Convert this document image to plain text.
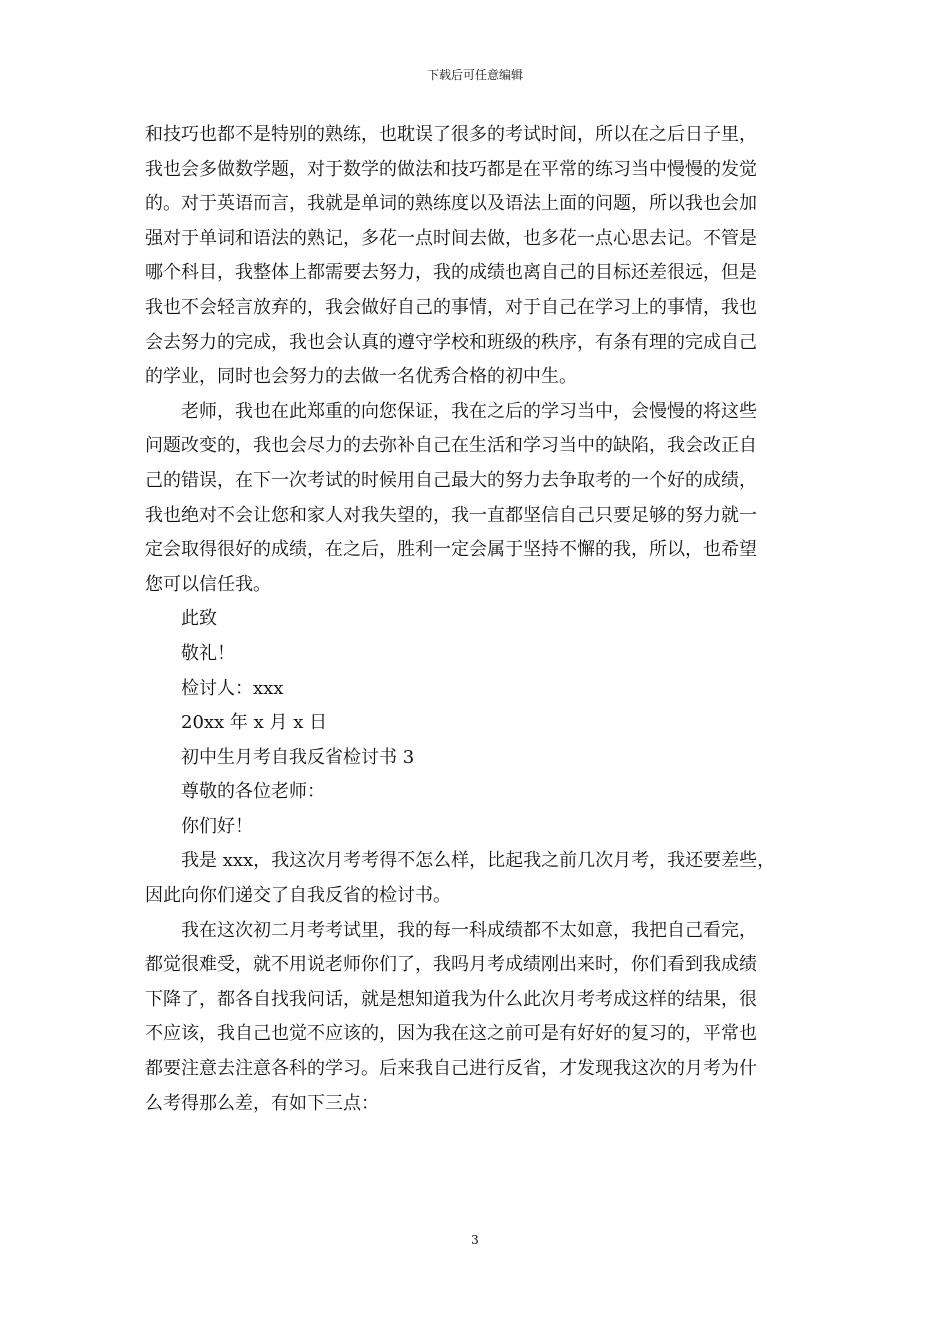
下载后可任意编辑

和技巧也都不是特别的熟练，也耽误了很多的考试时间，所以在之后日子里，

我也会多做数学题，对于数学的做法和技巧都是在平常的练习当中慢慢的发觉

的。对于英语而言，我就是单词的熟练度以及语法上面的问题，所以我也会加

强对于单词和语法的熟记，多花一点时间去做，也多花一点心思去记。不管是

哪个科目，我整体上都需要去努力，我的成绩也离自己的目标还差很远，但是

我也不会轻言放弃的，我会做好自己的事情，对于自己在学习上的事情，我也

会去努力的完成，我也会认真的遵守学校和班级的秩序，有条有理的完成自己

的学业，同时也会努力的去做一名优秀合格的初中生。

老师，我也在此郑重的向您保证，我在之后的学习当中，会慢慢的将这些

问题改变的，我也会尽力的去弥补自己在生活和学习当中的缺陷，我会改正自

己的错误，在下一次考试的时候用自己最大的努力去争取考的一个好的成绩，

我也绝对不会让您和家人对我失望的，我一直都坚信自己只要足够的努力就一

定会取得很好的成绩，在之后，胜利一定会属于坚持不懈的我，所以，也希望

您可以信任我。

此致

敬礼！

检讨人：xxx

20xx 年 x 月 x 日

初中生月考自我反省检讨书 3

尊敬的各位老师：

你们好！

我是 xxx，我这次月考考得不怎么样，比起我之前几次月考，我还要差些，

因此向你们递交了自我反省的检讨书。

我在这次初二月考考试里，我的每一科成绩都不太如意，我把自己看完，

都觉很难受，就不用说老师你们了，我吗月考成绩刚出来时，你们看到我成绩

下降了，都各自找我问话，就是想知道我为什么此次月考考成这样的结果，很

不应该，我自己也觉不应该的，因为我在这之前可是有好好的复习的，平常也

都要注意去注意各科的学习。后来我自己进行反省，才发现我这次的月考为什

么考得那么差，有如下三点：

3
